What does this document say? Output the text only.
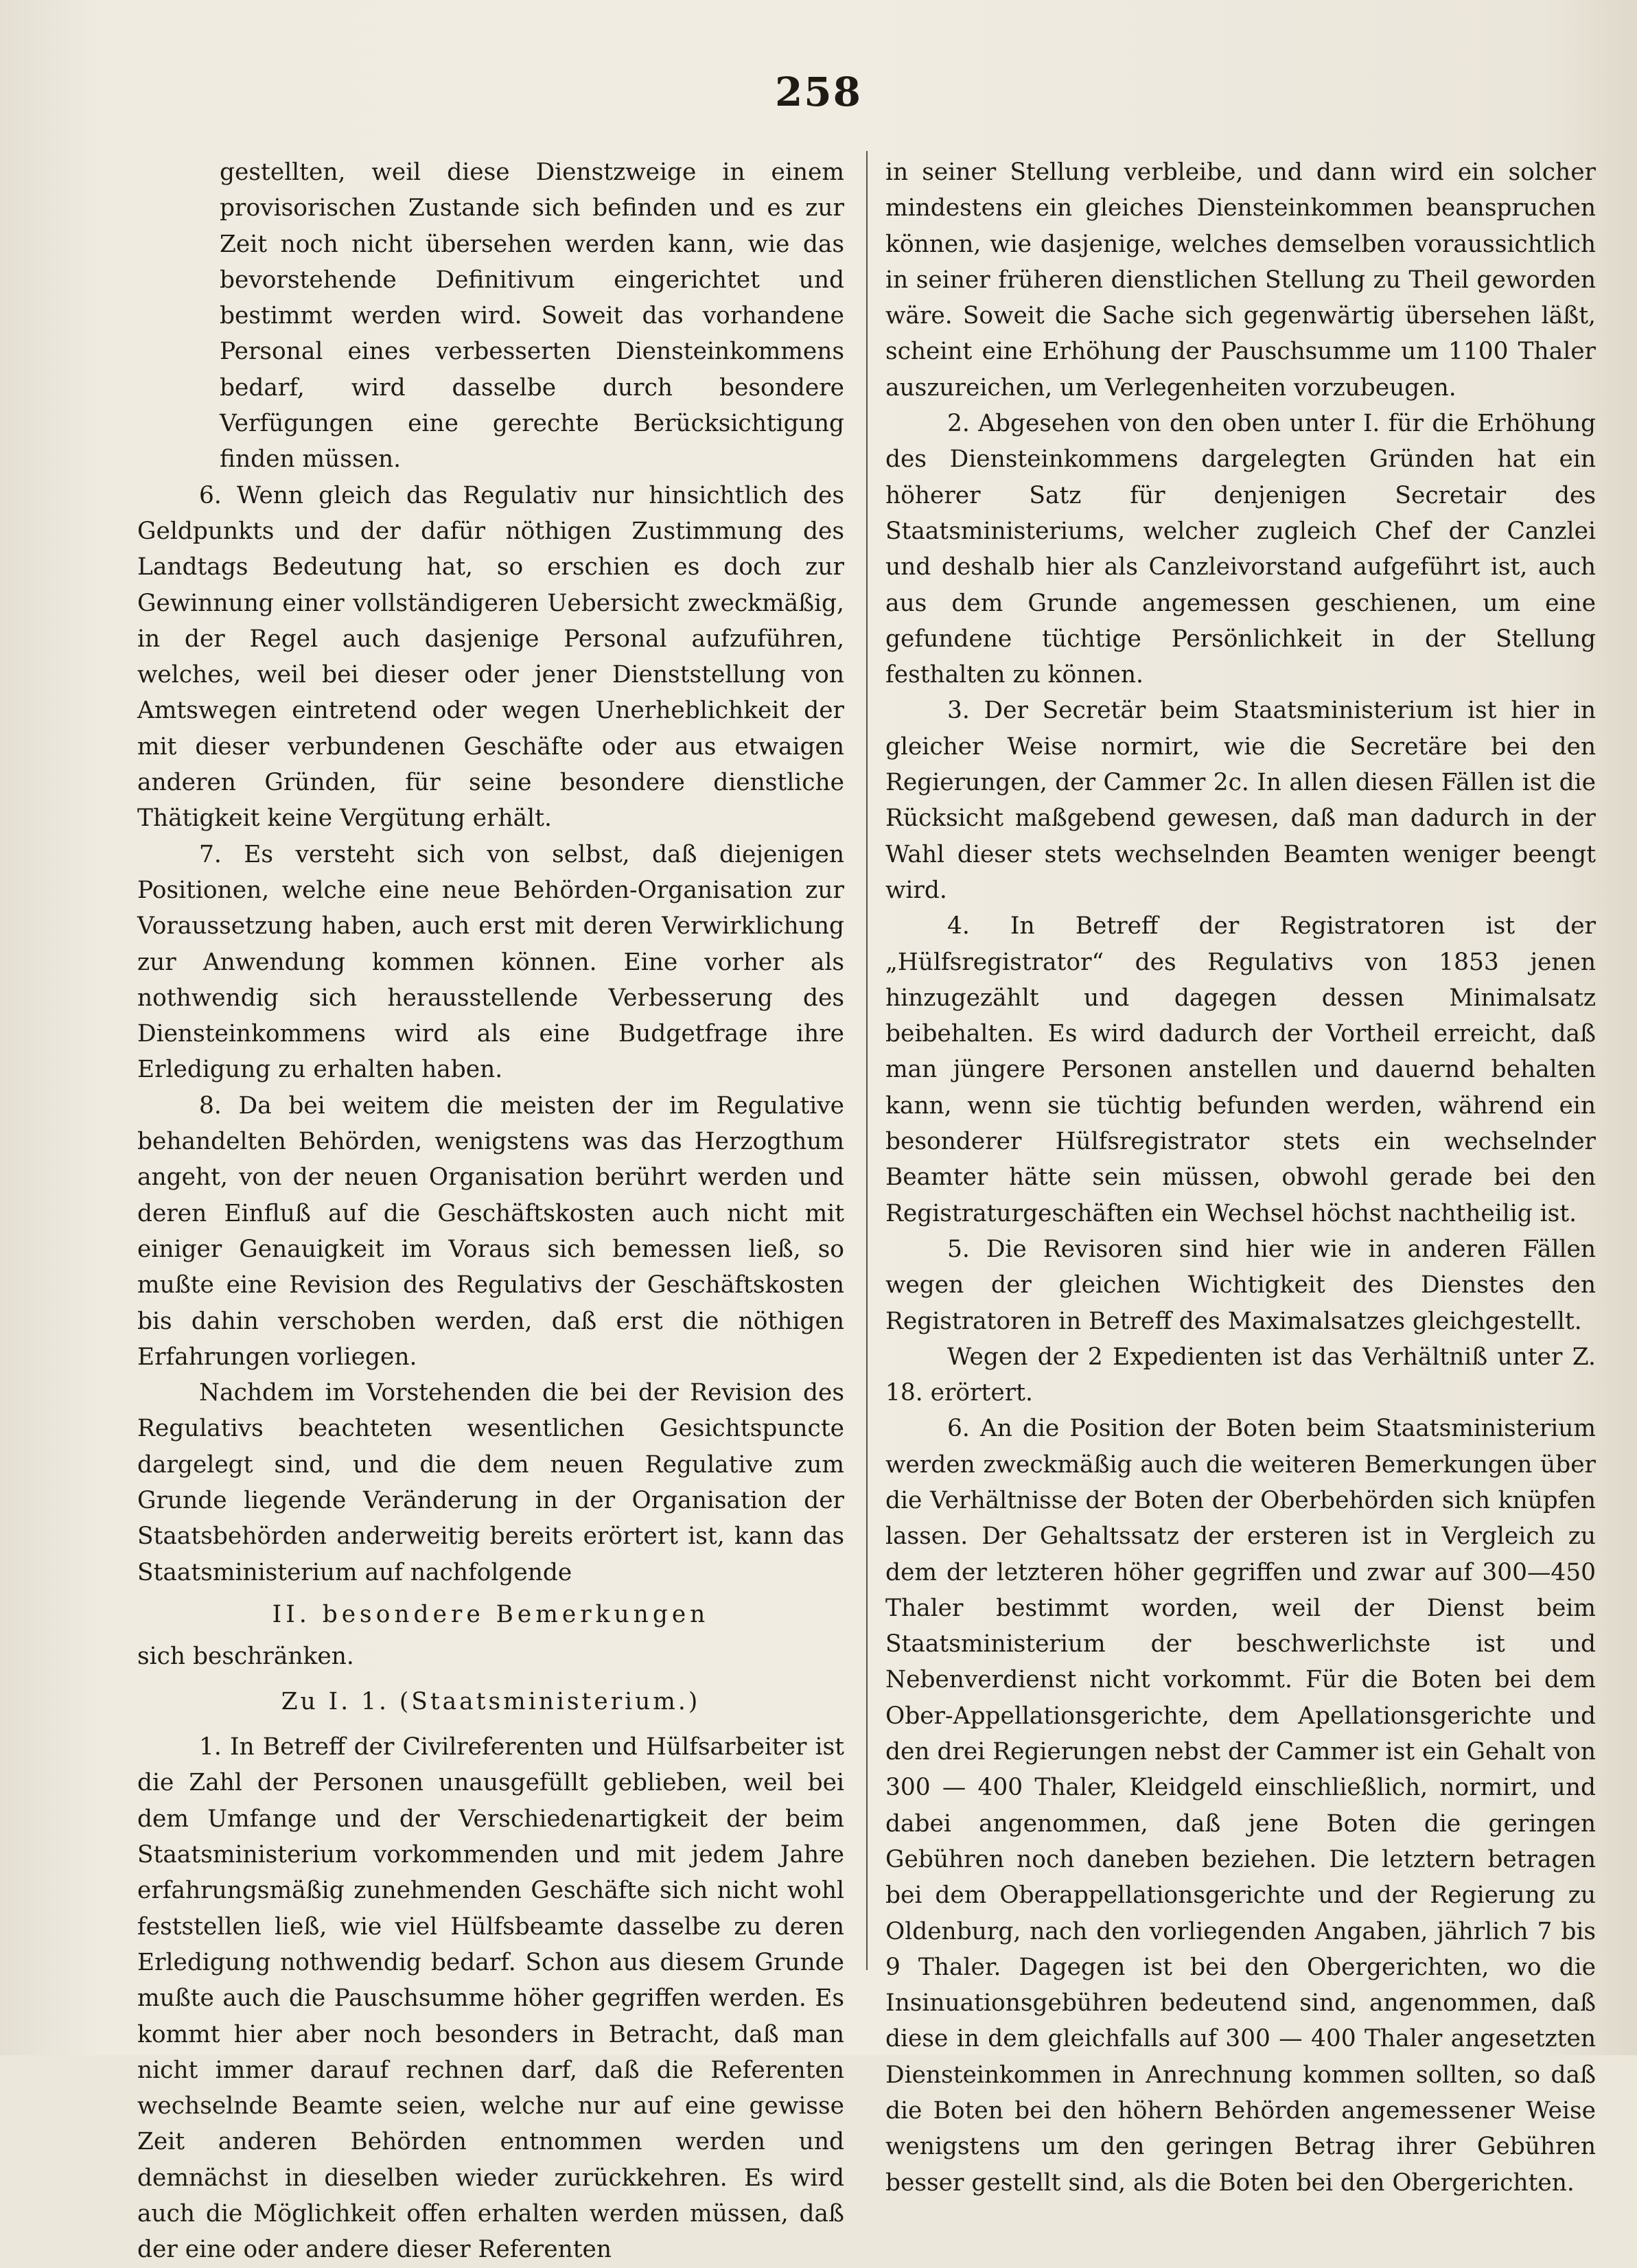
258

gestellten, weil diese Dienstzweige in einem provisorischen Zustande sich befinden und es zur Zeit noch nicht übersehen werden kann, wie das bevorstehende Definitivum eingerichtet und bestimmt werden wird. Soweit das vorhandene Personal eines verbesserten Diensteinkommens bedarf, wird dasselbe durch besondere Verfügungen eine gerechte Berücksichtigung finden müssen.

6. Wenn gleich das Regulativ nur hinsichtlich des Geldpunkts und der dafür nöthigen Zustimmung des Landtags Bedeutung hat, so erschien es doch zur Gewinnung einer vollständigeren Uebersicht zweckmäßig, in der Regel auch dasjenige Personal aufzuführen, welches, weil bei dieser oder jener Dienststellung von Amtswegen eintretend oder wegen Unerheblichkeit der mit dieser verbundenen Geschäfte oder aus etwaigen anderen Gründen, für seine besondere dienstliche Thätigkeit keine Vergütung erhält.

7. Es versteht sich von selbst, daß diejenigen Positionen, welche eine neue Behörden-Organisation zur Voraussetzung haben, auch erst mit deren Verwirklichung zur Anwendung kommen können. Eine vorher als nothwendig sich herausstellende Verbesserung des Diensteinkommens wird als eine Budgetfrage ihre Erledigung zu erhalten haben.

8. Da bei weitem die meisten der im Regulative behandelten Behörden, wenigstens was das Herzogthum angeht, von der neuen Organisation berührt werden und deren Einfluß auf die Geschäftskosten auch nicht mit einiger Genauigkeit im Voraus sich bemessen ließ, so mußte eine Revision des Regulativs der Geschäftskosten bis dahin verschoben werden, daß erst die nöthigen Erfahrungen vorliegen.

Nachdem im Vorstehenden die bei der Revision des Regulativs beachteten wesentlichen Gesichtspuncte dargelegt sind, und die dem neuen Regulative zum Grunde liegende Veränderung in der Organisation der Staatsbehörden anderweitig bereits erörtert ist, kann das Staatsministerium auf nachfolgende

II. besondere Bemerkungen

sich beschränken.

Zu I. 1. (Staatsministerium.)

1. In Betreff der Civilreferenten und Hülfsarbeiter ist die Zahl der Personen unausgefüllt geblieben, weil bei dem Umfange und der Verschiedenartigkeit der beim Staatsministerium vorkommenden und mit jedem Jahre erfahrungsmäßig zunehmenden Geschäfte sich nicht wohl feststellen ließ, wie viel Hülfsbeamte dasselbe zu deren Erledigung nothwendig bedarf. Schon aus diesem Grunde mußte auch die Pauschsumme höher gegriffen werden. Es kommt hier aber noch besonders in Betracht, daß man nicht immer darauf rechnen darf, daß die Referenten wechselnde Beamte seien, welche nur auf eine gewisse Zeit anderen Behörden entnommen werden und demnächst in dieselben wieder zurückkehren. Es wird auch die Möglichkeit offen erhalten werden müssen, daß der eine oder andere dieser Referenten

in seiner Stellung verbleibe, und dann wird ein solcher mindestens ein gleiches Diensteinkommen beanspruchen können, wie dasjenige, welches demselben voraussichtlich in seiner früheren dienstlichen Stellung zu Theil geworden wäre. Soweit die Sache sich gegenwärtig übersehen läßt, scheint eine Erhöhung der Pauschsumme um 1100 Thaler auszureichen, um Verlegenheiten vorzubeugen.

2. Abgesehen von den oben unter I. für die Erhöhung des Diensteinkommens dargelegten Gründen hat ein höherer Satz für denjenigen Secretair des Staatsministeriums, welcher zugleich Chef der Canzlei und deshalb hier als Canzleivorstand aufgeführt ist, auch aus dem Grunde angemessen geschienen, um eine gefundene tüchtige Persönlichkeit in der Stellung festhalten zu können.

3. Der Secretär beim Staatsministerium ist hier in gleicher Weise normirt, wie die Secretäre bei den Regierungen, der Cammer 2c. In allen diesen Fällen ist die Rücksicht maßgebend gewesen, daß man dadurch in der Wahl dieser stets wechselnden Beamten weniger beengt wird.

4. In Betreff der Registratoren ist der „Hülfsregistrator“ des Regulativs von 1853 jenen hinzugezählt und dagegen dessen Minimalsatz beibehalten. Es wird dadurch der Vortheil erreicht, daß man jüngere Personen anstellen und dauernd behalten kann, wenn sie tüchtig befunden werden, während ein besonderer Hülfsregistrator stets ein wechselnder Beamter hätte sein müssen, obwohl gerade bei den Registraturgeschäften ein Wechsel höchst nachtheilig ist.

5. Die Revisoren sind hier wie in anderen Fällen wegen der gleichen Wichtigkeit des Dienstes den Registratoren in Betreff des Maximalsatzes gleichgestellt.

Wegen der 2 Expedienten ist das Verhältniß unter Z. 18. erörtert.

6. An die Position der Boten beim Staatsministerium werden zweckmäßig auch die weiteren Bemerkungen über die Verhältnisse der Boten der Oberbehörden sich knüpfen lassen. Der Gehaltssatz der ersteren ist in Vergleich zu dem der letzteren höher gegriffen und zwar auf 300—450 Thaler bestimmt worden, weil der Dienst beim Staatsministerium der beschwerlichste ist und Nebenverdienst nicht vorkommt. Für die Boten bei dem Ober-Appellationsgerichte, dem Apellationsgerichte und den drei Regierungen nebst der Cammer ist ein Gehalt von 300 — 400 Thaler, Kleidgeld einschließlich, normirt, und dabei angenommen, daß jene Boten die geringen Gebühren noch daneben beziehen. Die letztern betragen bei dem Oberappellationsgerichte und der Regierung zu Oldenburg, nach den vorliegenden Angaben, jährlich 7 bis 9 Thaler. Dagegen ist bei den Obergerichten, wo die Insinuationsgebühren bedeutend sind, angenommen, daß diese in dem gleichfalls auf 300 — 400 Thaler angesetzten Diensteinkommen in Anrechnung kommen sollten, so daß die Boten bei den höhern Behörden angemessener Weise wenigstens um den geringen Betrag ihrer Gebühren besser gestellt sind, als die Boten bei den Obergerichten.
